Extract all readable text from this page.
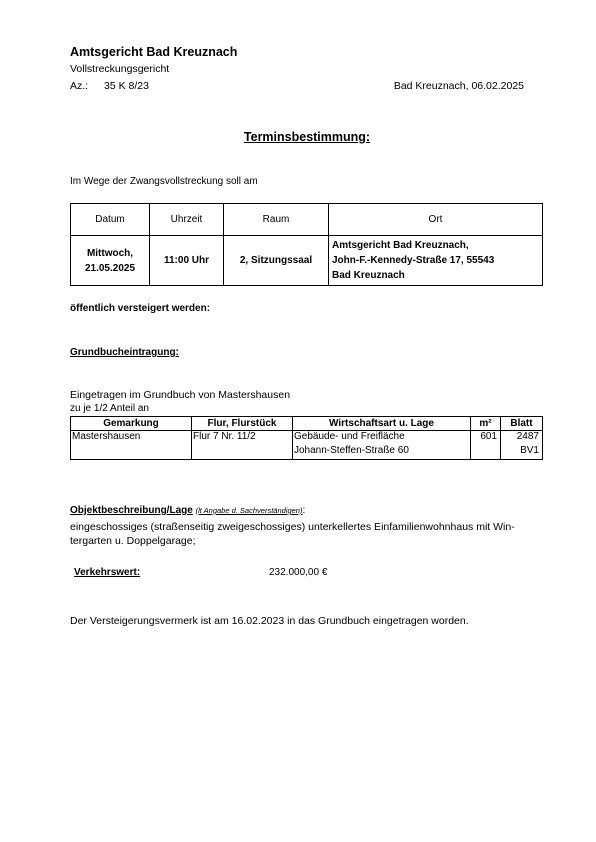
Amtsgericht Bad Kreuznach
Vollstreckungsgericht
Az.: 35 K 8/23	Bad Kreuznach, 06.02.2025
Terminsbestimmung:
Im Wege der Zwangsvollstreckung soll am
Datum	Uhrzeit	Raum	Ort
Mittwoch,
21.05.2025	11:00 Uhr	2, Sitzungssaal	Amtsgericht Bad Kreuznach,
John-F.-Kennedy-Straße 17, 55543
Bad Kreuznach
öffentlich versteigert werden:
Grundbucheintragung:
Eingetragen im Grundbuch von Mastershausen
zu je 1/2 Anteil an
Gemarkung	Flur, Flurstück	Wirtschaftsart u. Lage	m²	Blatt
Mastershausen	Flur 7 Nr. 11/2	Gebäude- und Freifläche	601	2487
		Johann-Steffen-Straße 60		BV1
Objektbeschreibung/Lage (lt Angabe d. Sachverständigen):
eingeschossiges (straßenseitig zweigeschossiges) unterkellertes Einfamilienwohnhaus mit Win-
tergarten u. Doppelgarage;
Verkehrswert:	232.000,00 €
Der Versteigerungsvermerk ist am 16.02.2023 in das Grundbuch eingetragen worden.
